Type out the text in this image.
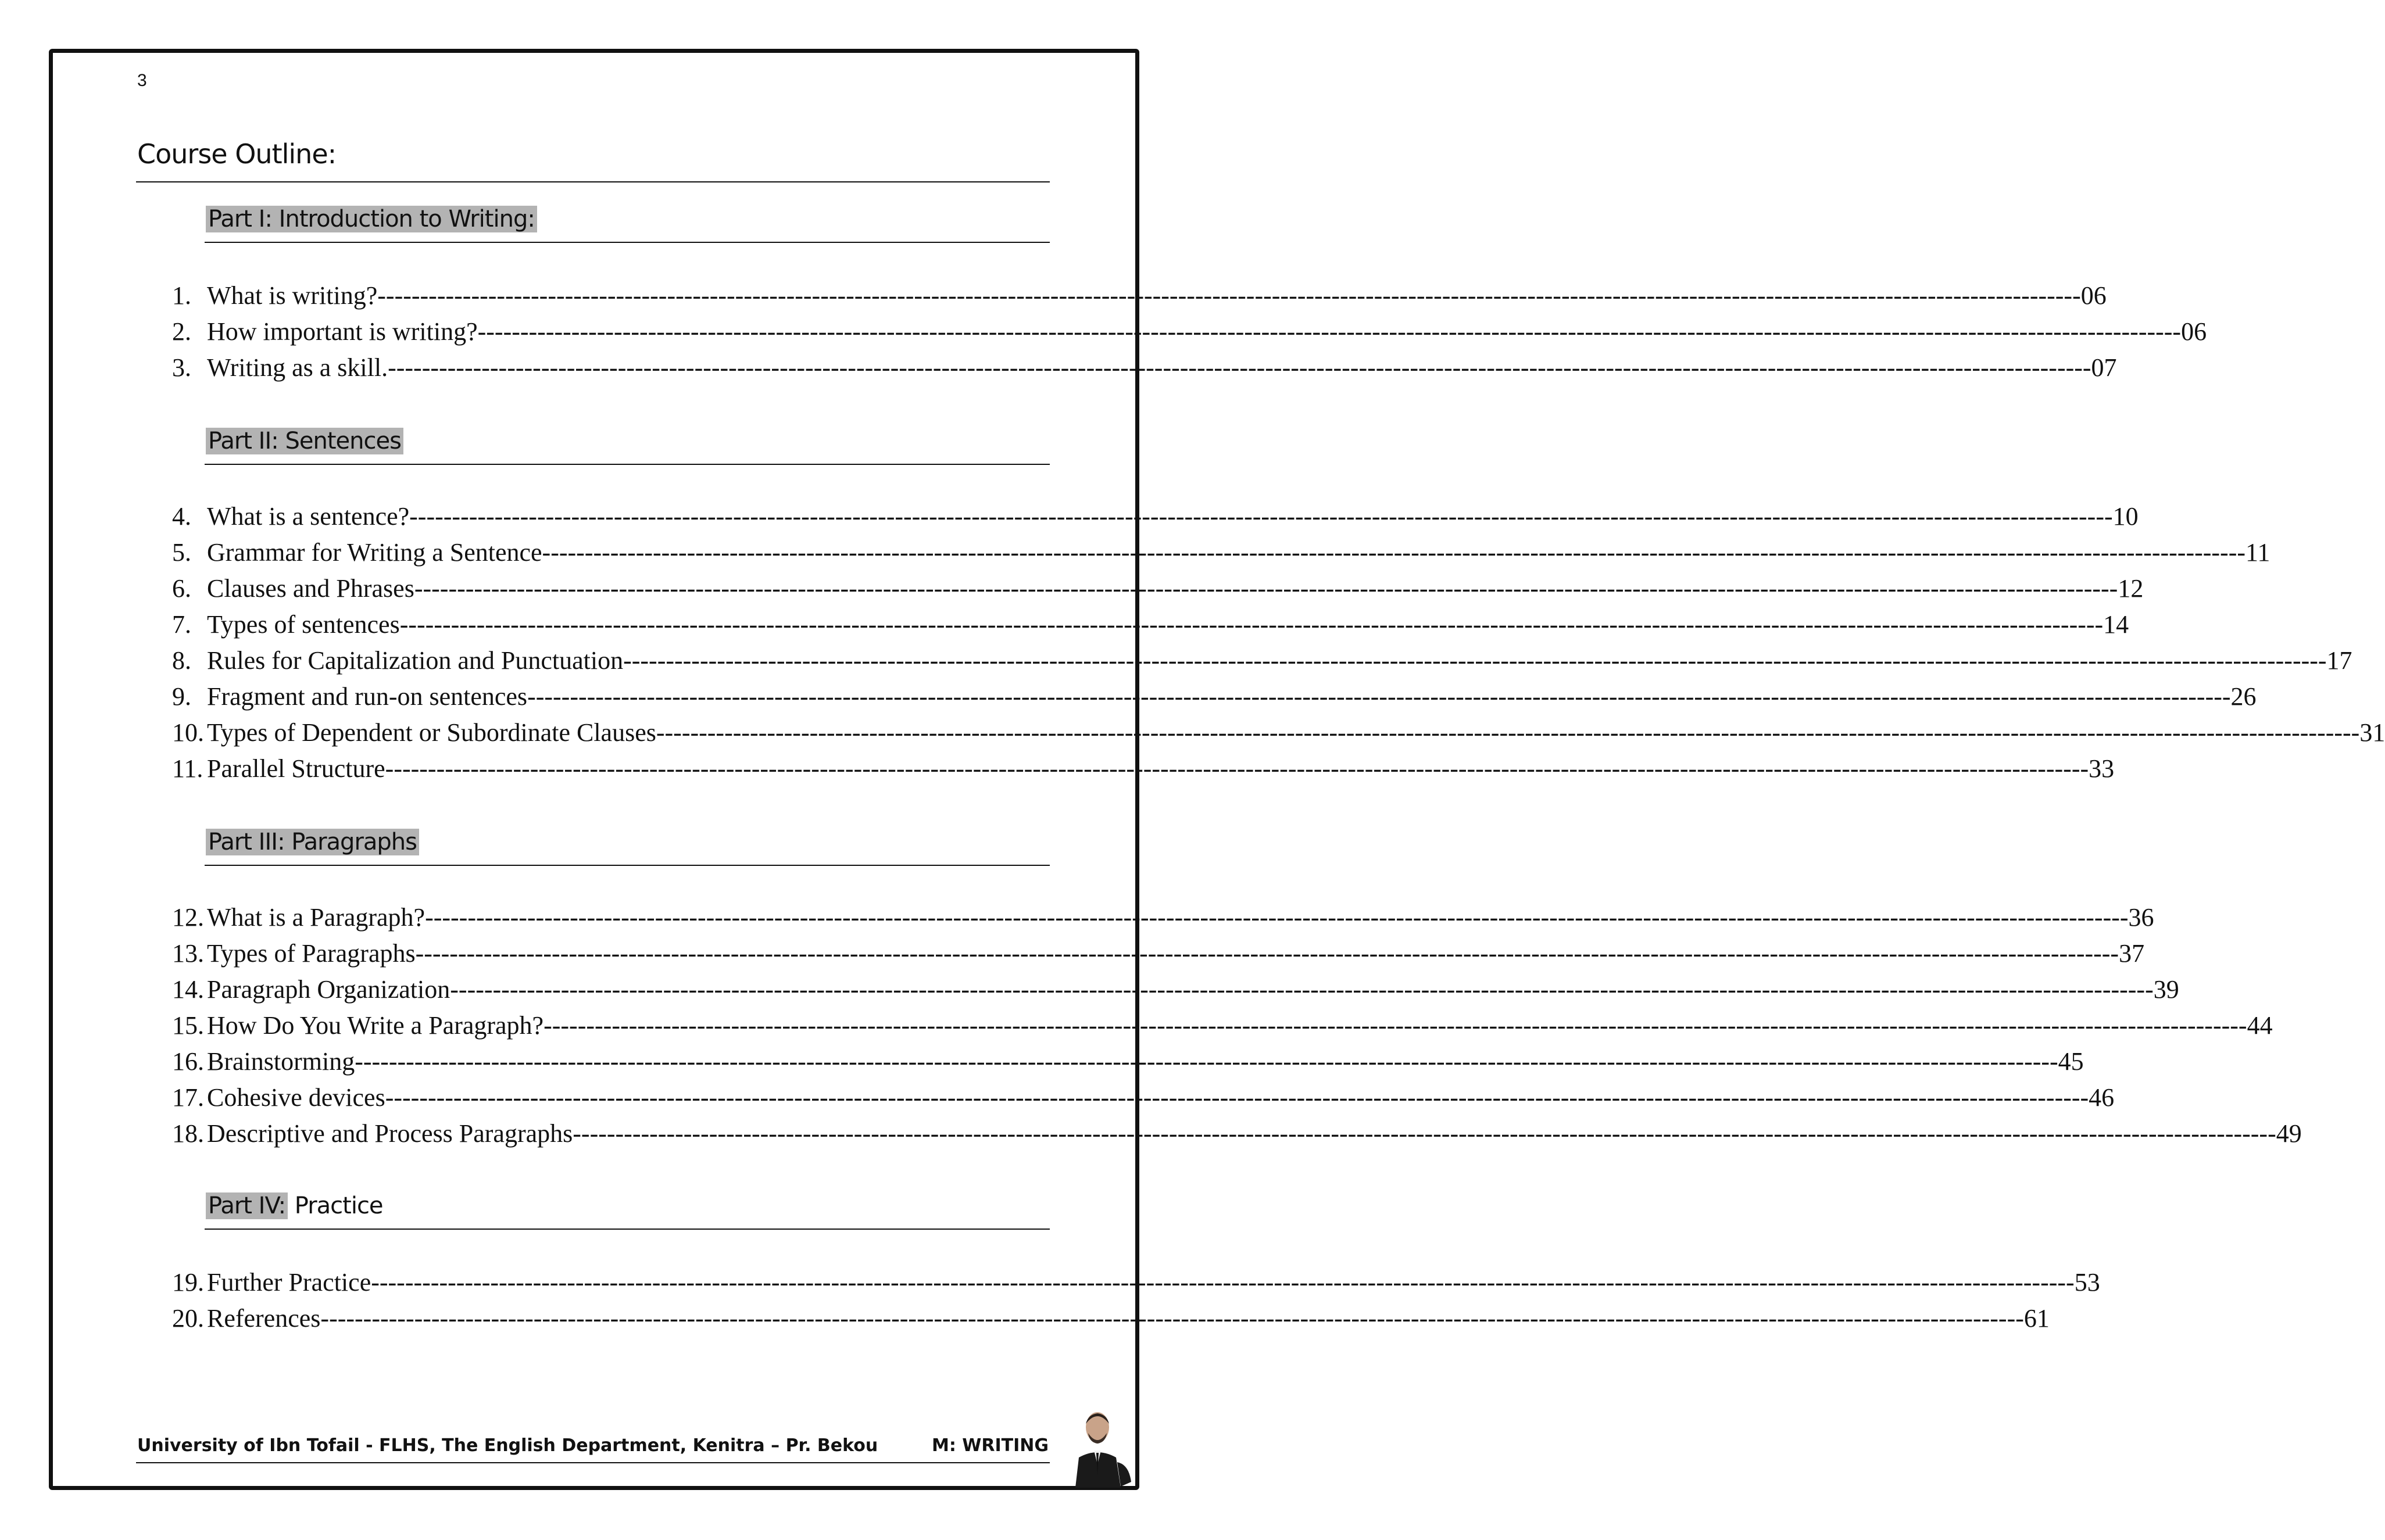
3
Course Outline:
Part I: Introduction to Writing:
1. What is writing? -------------------------------------------------------------------------------------------------------------------------------------------------------------------------------------------------------- 06
2. How important is writing? -------------------------------------------------------------------------------------------------------------------------------------------------------------------------------------------------------- 06
3. Writing as a skill. -------------------------------------------------------------------------------------------------------------------------------------------------------------------------------------------------------- 07
Part II: Sentences
4. What is a sentence? -------------------------------------------------------------------------------------------------------------------------------------------------------------------------------------------------------- 10
5. Grammar for Writing a Sentence -------------------------------------------------------------------------------------------------------------------------------------------------------------------------------------------------------- 11
6. Clauses and Phrases -------------------------------------------------------------------------------------------------------------------------------------------------------------------------------------------------------- 12
7. Types of sentences -------------------------------------------------------------------------------------------------------------------------------------------------------------------------------------------------------- 14
8. Rules for Capitalization and Punctuation -------------------------------------------------------------------------------------------------------------------------------------------------------------------------------------------------------- 17
9. Fragment and run-on sentences -------------------------------------------------------------------------------------------------------------------------------------------------------------------------------------------------------- 26
10. Types of Dependent or Subordinate Clauses -------------------------------------------------------------------------------------------------------------------------------------------------------------------------------------------------------- 31
11. Parallel Structure -------------------------------------------------------------------------------------------------------------------------------------------------------------------------------------------------------- 33
Part III: Paragraphs
12. What is a Paragraph? -------------------------------------------------------------------------------------------------------------------------------------------------------------------------------------------------------- 36
13. Types of Paragraphs -------------------------------------------------------------------------------------------------------------------------------------------------------------------------------------------------------- 37
14. Paragraph Organization -------------------------------------------------------------------------------------------------------------------------------------------------------------------------------------------------------- 39
15. How Do You Write a Paragraph? -------------------------------------------------------------------------------------------------------------------------------------------------------------------------------------------------------- 44
16. Brainstorming -------------------------------------------------------------------------------------------------------------------------------------------------------------------------------------------------------- 45
17. Cohesive devices -------------------------------------------------------------------------------------------------------------------------------------------------------------------------------------------------------- 46
18. Descriptive and Process Paragraphs -------------------------------------------------------------------------------------------------------------------------------------------------------------------------------------------------------- 49
Part IV: Practice
19. Further Practice -------------------------------------------------------------------------------------------------------------------------------------------------------------------------------------------------------- 53
20. References -------------------------------------------------------------------------------------------------------------------------------------------------------------------------------------------------------- 61
University of Ibn Tofail - FLHS, The English Department, Kenitra – Pr. Bekou	M: WRITING
